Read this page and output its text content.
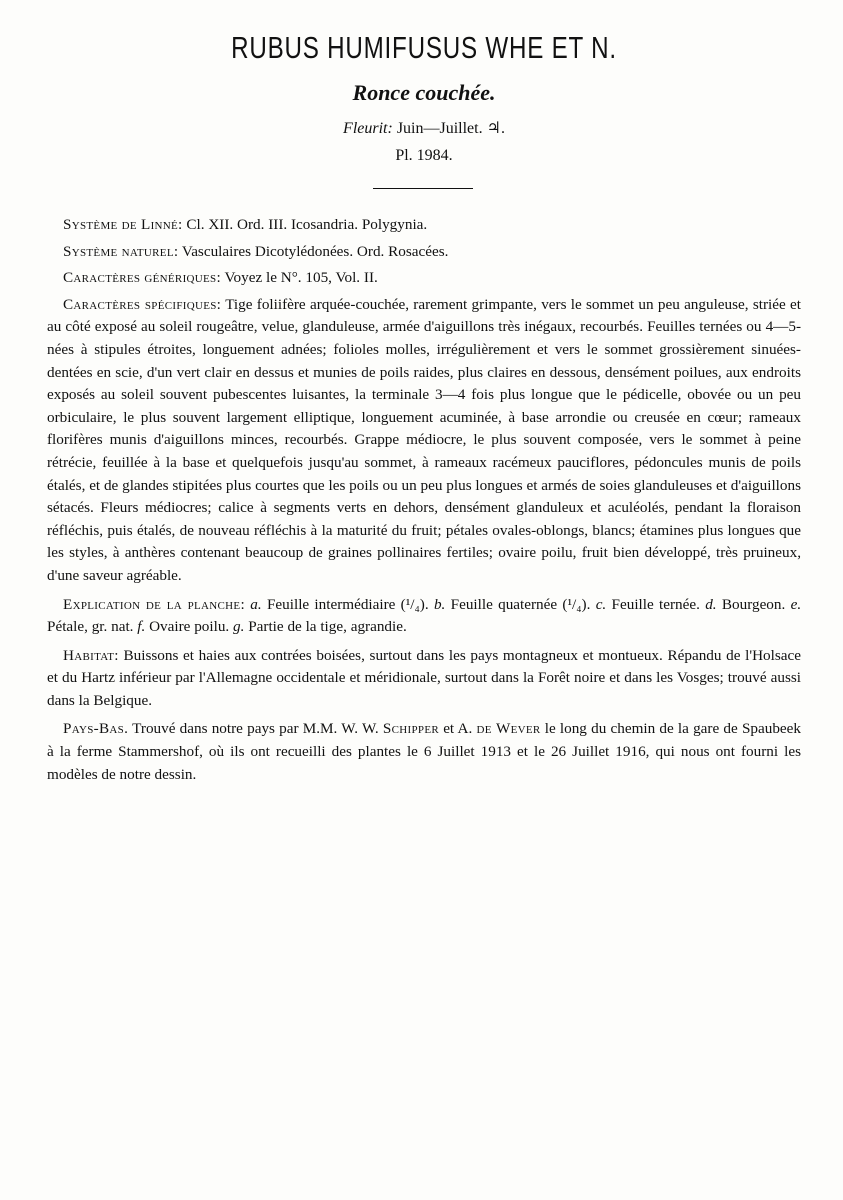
RUBUS HUMIFUSUS WHE ET N.
Ronce couchée.
Fleurit: Juin—Juillet. ♃.
Pl. 1984.

Système de Linné: Cl. XII. Ord. III. Icosandria. Polygynia.

Système naturel: Vasculaires Dicotylédonées. Ord. Rosacées.

Caractères génériques: Voyez le N°. 105, Vol. II.

Caractères spécifiques: Tige foliifère arquée-couchée, rarement grimpante, vers le sommet un peu anguleuse, striée et au côté exposé au soleil rougeâtre, velue, glanduleuse, armée d'aiguillons très inégaux, recourbés. Feuilles ternées ou 4—5-nées à stipules étroites, longuement adnées; folioles molles, irrégulièrement et vers le sommet grossièrement sinuées-dentées en scie, d'un vert clair en dessus et munies de poils raides, plus claires en dessous, densément poilues, aux endroits exposés au soleil souvent pubescentes luisantes, la terminale 3—4 fois plus longue que le pédicelle, obovée ou un peu orbiculaire, le plus souvent largement elliptique, longuement acuminée, à base arrondie ou creusée en cœur; rameaux florifères munis d'aiguillons minces, recourbés. Grappe médiocre, le plus souvent composée, vers le sommet à peine rétrécie, feuillée à la base et quelquefois jusqu'au sommet, à rameaux racémeux pauciflores, pédoncules munis de poils étalés, et de glandes stipitées plus courtes que les poils ou un peu plus longues et armés de soies glanduleuses et d'aiguillons sétacés. Fleurs médiocres; calice à segments verts en dehors, densément glanduleux et aculéolés, pendant la floraison réfléchis, puis étalés, de nouveau réfléchis à la maturité du fruit; pétales ovales-oblongs, blancs; étamines plus longues que les styles, à anthères contenant beaucoup de graines pollinaires fertiles; ovaire poilu, fruit bien développé, très pruineux, d'une saveur agréable.

Explication de la planche: a. Feuille intermédiaire (¹/₄). b. Feuille quaternée (¹/₄). c. Feuille ternée. d. Bourgeon. e. Pétale, gr. nat. f. Ovaire poilu. g. Partie de la tige, agrandie.

Habitat: Buissons et haies aux contrées boisées, surtout dans les pays montagneux et montueux. Répandu de l'Holsace et du Hartz inférieur par l'Allemagne occidentale et méridionale, surtout dans la Forêt noire et dans les Vosges; trouvé aussi dans la Belgique.

Pays-Bas. Trouvé dans notre pays par M.M. W. W. Schipper et A. de Wever le long du chemin de la gare de Spaubeek à la ferme Stammershof, où ils ont recueilli des plantes le 6 Juillet 1913 et le 26 Juillet 1916, qui nous ont fourni les modèles de notre dessin.
